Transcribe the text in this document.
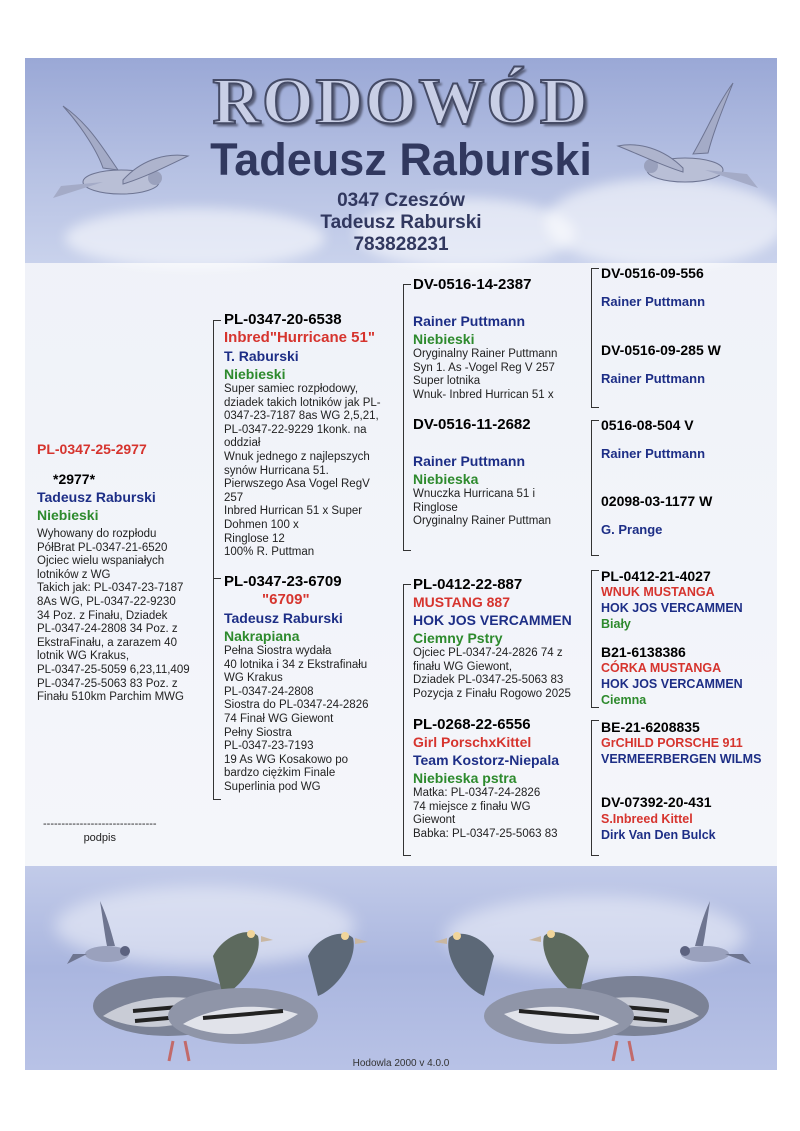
RODOWÓD
Tadeusz Raburski
0347 Czeszów
Tadeusz Raburski
783828231
PL-0347-25-2977
*2977*
Tadeusz Raburski
Niebieski
Wyhowany do rozpłodu
PółBrat PL-0347-21-6520
Ojciec wielu wspaniałych
lotników z WG
Takich jak: PL-0347-23-7187
8As WG, PL-0347-22-9230
34 Poz. z Finału, Dziadek
PL-0347-24-2808 34 Poz. z
EkstraFinału, a zarazem 40
lotnik WG Krakus,
PL-0347-25-5059 6,23,11,409
PL-0347-25-5063 83 Poz. z
Finału 510km Parchim MWG
PL-0347-20-6538
Inbred"Hurricane 51"
T. Raburski
Niebieski
Super samiec rozpłodowy,
dziadek takich lotników jak PL-
0347-23-7187 8as WG 2,5,21,
PL-0347-22-9229 1konk. na
oddział
Wnuk jednego z najlepszych
synów Hurricana 51.
Pierwszego Asa Vogel RegV
257
Inbred Hurrican 51 x Super
Dohmen 100 x
Ringlose 12
100% R. Puttman
PL-0347-23-6709
"6709"
Tadeusz Raburski
Nakrapiana
Pełna Siostra wydała
40 lotnika i 34 z Ekstrafinału
WG Krakus
PL-0347-24-2808
Siostra do PL-0347-24-2826
74 Finał WG Giewont
Pełny Siostra
PL-0347-23-7193
19 As WG Kosakowo po
bardzo ciężkim Finale
Superlinia pod WG
DV-0516-14-2387
Rainer Puttmann
Niebieski
Oryginalny Rainer Puttmann
Syn 1. As -Vogel Reg V 257
Super lotnika
Wnuk- Inbred Hurrican 51 x
DV-0516-11-2682
Rainer Puttmann
Niebieska
Wnuczka Hurricana 51 i
Ringlose
Oryginalny Rainer Puttman
PL-0412-22-887
MUSTANG 887
HOK JOS VERCAMMEN
Ciemny Pstry
Ojciec PL-0347-24-2826 74 z
finału WG Giewont,
Dziadek PL-0347-25-5063 83
Pozycja z Finału Rogowo 2025
PL-0268-22-6556
Girl PorschxKittel
Team Kostorz-Niepala
Niebieska pstra
Matka: PL-0347-24-2826
74 miejsce z finału WG
Giewont
Babka: PL-0347-25-5063 83
DV-0516-09-556
Rainer Puttmann
DV-0516-09-285 W
Rainer Puttmann
0516-08-504 V
Rainer Puttmann
02098-03-1177 W
G. Prange
PL-0412-21-4027
WNUK MUSTANGA
HOK JOS VERCAMMEN
Biały
B21-6138386
CÓRKA MUSTANGA
HOK JOS VERCAMMEN
Ciemna
BE-21-6208835
GrCHILD PORSCHE 911
VERMEERBERGEN WILMS
DV-07392-20-431
S.Inbreed Kittel
Dirk Van Den Bulck
-------------------------------
podpis
Hodowla 2000 v 4.0.0
